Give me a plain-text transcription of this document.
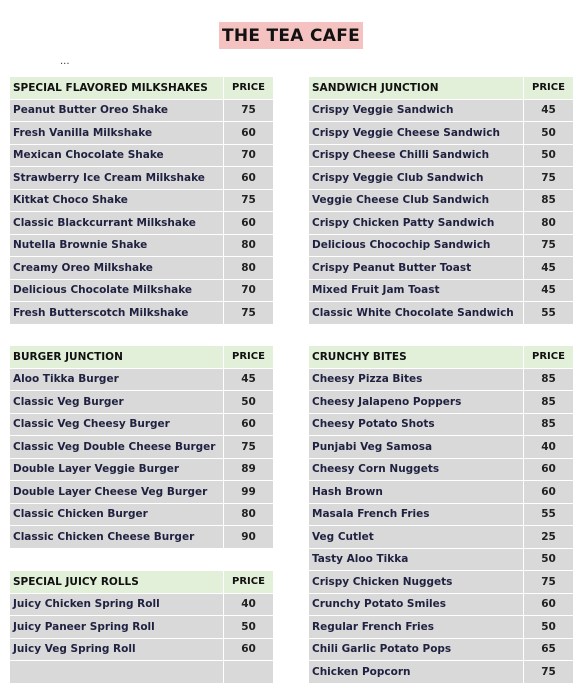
THE TEA CAFE
...
SPECIAL FLAVORED MILKSHAKES	PRICE
Peanut Butter Oreo Shake	75
Fresh Vanilla Milkshake	60
Mexican Chocolate Shake	70
Strawberry Ice Cream Milkshake	60
Kitkat Choco Shake	75
Classic Blackcurrant Milkshake	60
Nutella Brownie Shake	80
Creamy Oreo Milkshake	80
Delicious Chocolate Milkshake	70
Fresh Butterscotch Milkshake	75
SANDWICH JUNCTION	PRICE
Crispy Veggie Sandwich	45
Crispy Veggie Cheese Sandwich	50
Crispy Cheese Chilli Sandwich	50
Crispy Veggie Club Sandwich	75
Veggie Cheese Club Sandwich	85
Crispy Chicken Patty Sandwich	80
Delicious Chocochip Sandwich	75
Crispy Peanut Butter Toast	45
Mixed Fruit Jam Toast	45
Classic White Chocolate Sandwich	55
BURGER JUNCTION	PRICE
Aloo Tikka Burger	45
Classic Veg Burger	50
Classic Veg Cheesy Burger	60
Classic Veg Double Cheese Burger	75
Double Layer Veggie Burger	89
Double Layer Cheese Veg Burger	99
Classic Chicken Burger	80
Classic Chicken Cheese Burger	90
CRUNCHY BITES	PRICE
Cheesy Pizza Bites	85
Cheesy Jalapeno Poppers	85
Cheesy Potato Shots	85
Punjabi Veg Samosa	40
Cheesy Corn Nuggets	60
Hash Brown	60
Masala French Fries	55
Veg Cutlet	25
Tasty Aloo Tikka	50
Crispy Chicken Nuggets	75
Crunchy Potato Smiles	60
Regular French Fries	50
Chili Garlic Potato Pops	65
Chicken Popcorn	75
SPECIAL JUICY ROLLS	PRICE
Juicy Chicken Spring Roll	40
Juicy Paneer Spring Roll	50
Juicy Veg Spring Roll	60
